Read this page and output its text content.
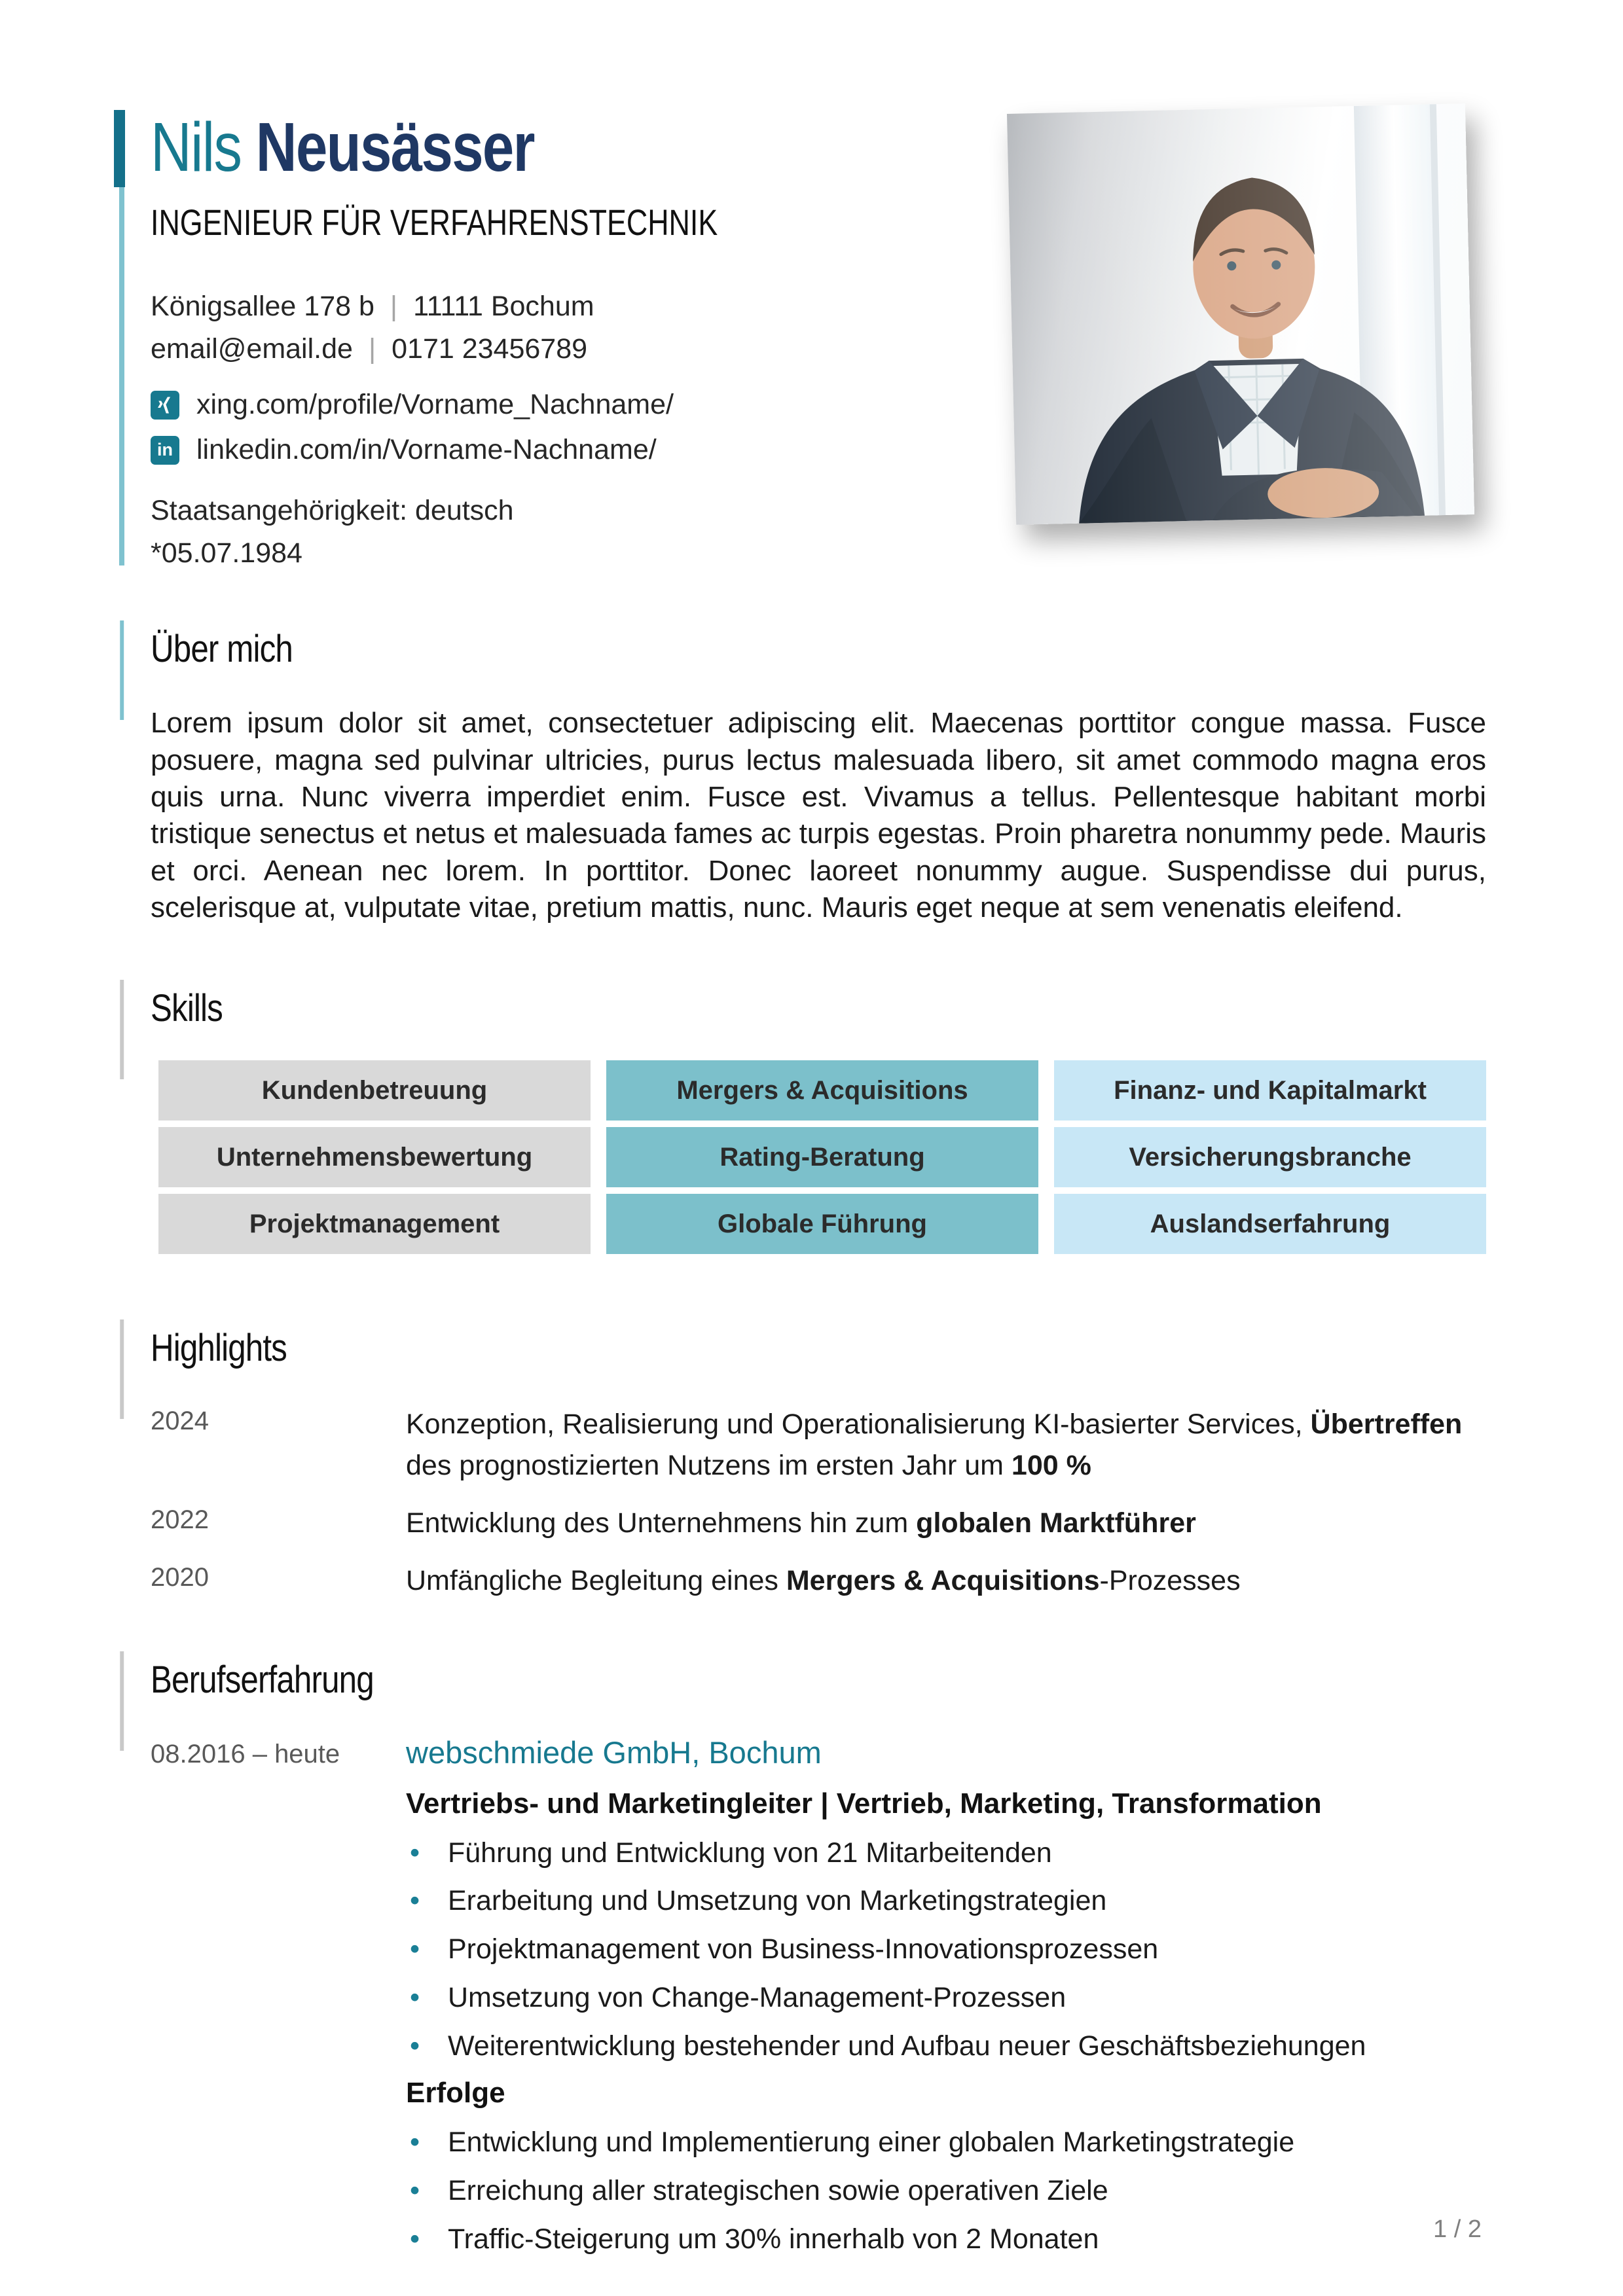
Nils Neusässer
INGENIEUR FÜR VERFAHRENSTECHNIK
Königsallee 178 b | 11111 Bochum
email@email.de | 0171 23456789
xing.com/profile/Vorname_Nachname/
in linkedin.com/in/Vorname-Nachname/
Staatsangehörigkeit: deutsch
*05.07.1984
Über mich

Lorem ipsum dolor sit amet, consectetuer adipiscing elit. Maecenas porttitor congue massa. Fusce posuere, magna sed pulvinar ultricies, purus lectus malesuada libero, sit amet commodo magna eros quis urna. Nunc viverra imperdiet enim. Fusce est. Vivamus a tellus. Pellentesque habitant morbi tristique senectus et netus et malesuada fames ac turpis egestas. Proin pharetra nonummy pede. Mauris et orci. Aenean nec lorem. In porttitor. Donec laoreet nonummy augue. Suspendisse dui purus, scelerisque at, vulputate vitae, pretium mattis, nunc. Mauris eget neque at sem venenatis eleifend.

Skills
Kundenbetreuung	Mergers & Acquisitions	Finanz- und Kapitalmarkt
Unternehmensbewertung	Rating-Beratung	Versicherungsbranche
Projektmanagement	Globale Führung	Auslandserfahrung
Highlights
2024	Konzeption, Realisierung und Operationalisierung KI-basierter Services, Übertreffen des prognostizierten Nutzens im ersten Jahr um 100 %
2022	Entwicklung des Unternehmens hin zum globalen Marktführer
2020	Umfängliche Begleitung eines Mergers & Acquisitions-Prozesses
Berufserfahrung
08.2016 – heute	webschmiede GmbH, Bochum
Vertriebs- und Marketingleiter | Vertrieb, Marketing, Transformation
• Führung und Entwicklung von 21 Mitarbeitenden
• Erarbeitung und Umsetzung von Marketingstrategien
• Projektmanagement von Business-Innovationsprozessen
• Umsetzung von Change-Management-Prozessen
• Weiterentwicklung bestehender und Aufbau neuer Geschäftsbeziehungen
Erfolge
• Entwicklung und Implementierung einer globalen Marketingstrategie
• Erreichung aller strategischen sowie operativen Ziele
• Traffic-Steigerung um 30% innerhalb von 2 Monaten	1 / 2
